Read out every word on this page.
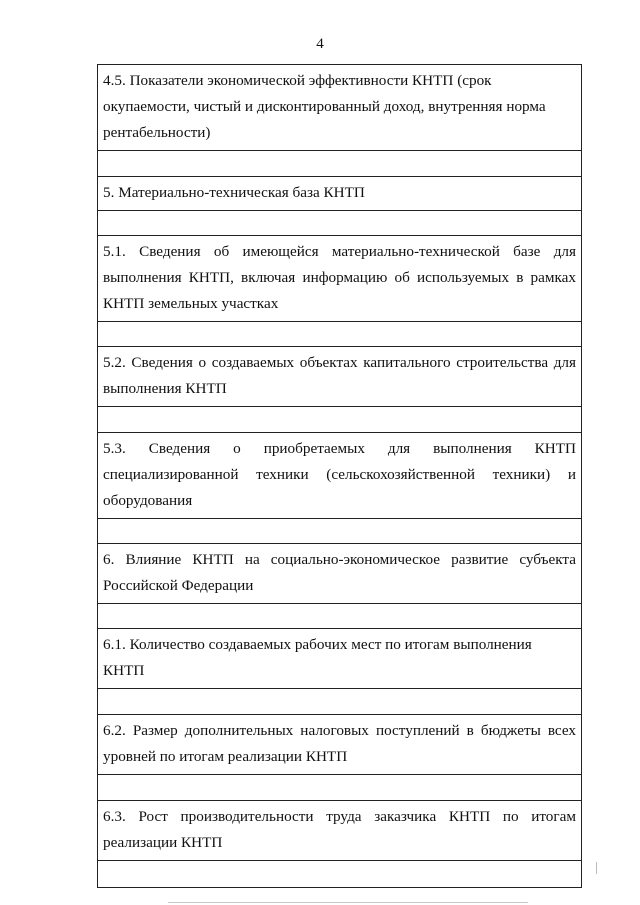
4
4.5. Показатели экономической эффективности КНТП (срок окупаемости, чистый и дисконтированный доход, внутренняя норма рентабельности)
5. Материально-техническая база КНТП
5.1. Сведения об имеющейся материально-технической базе для выполнения КНТП, включая информацию об используемых в рамках КНТП земельных участках
5.2. Сведения о создаваемых объектах капитального строительства для выполнения КНТП
5.3. Сведения о приобретаемых для выполнения КНТП специализированной техники (сельскохозяйственной техники) и оборудования
6. Влияние КНТП на социально-экономическое развитие субъекта Российской Федерации
6.1. Количество создаваемых рабочих мест по итогам выполнения КНТП
6.2. Размер дополнительных налоговых поступлений в бюджеты всех уровней по итогам реализации КНТП
6.3. Рост производительности труда заказчика КНТП по итогам реализации КНТП
